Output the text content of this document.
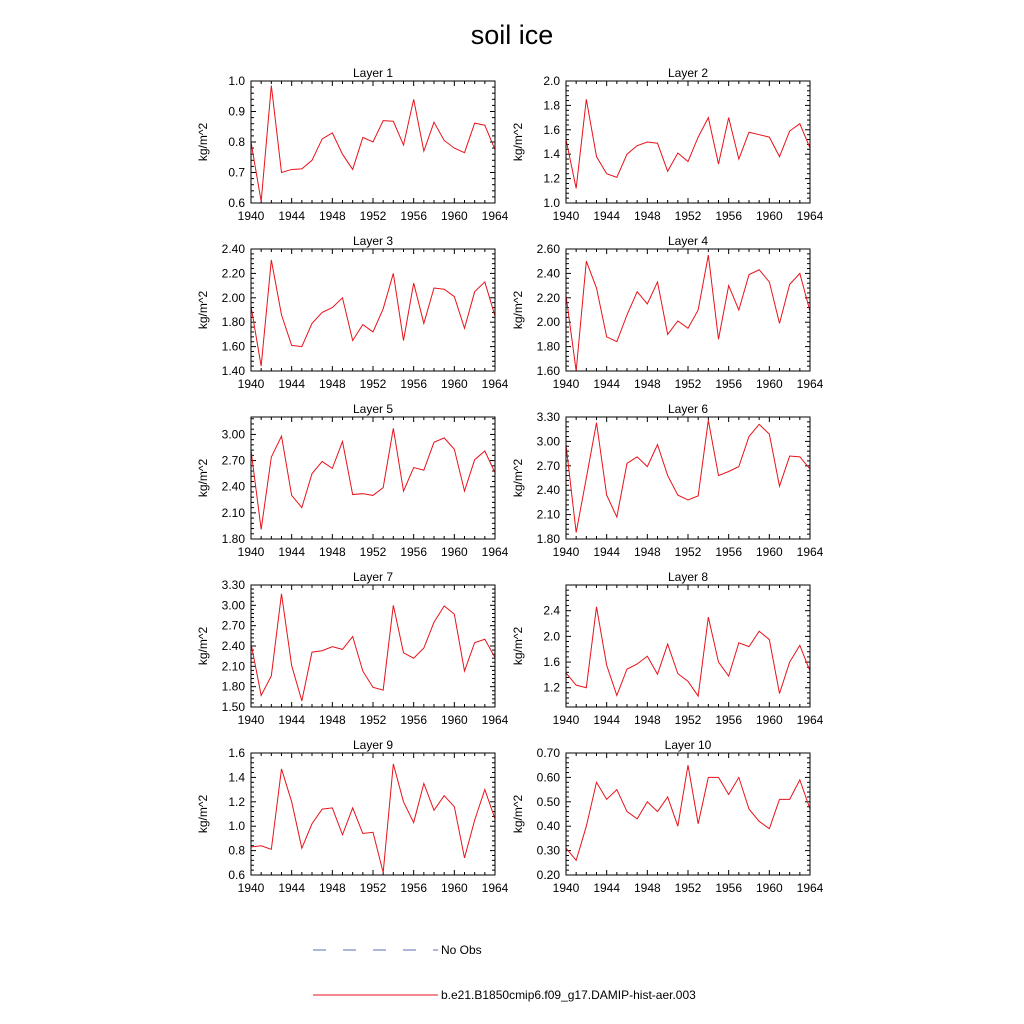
soil ice
Layer 1
1940 1944 1948 1952 1956 1960 1964
0.6
0.7
0.8
0.9
1.0
kg/m^2
Layer 2
1940 1944 1948 1952 1956 1960 1964
1.0
1.2
1.4
1.6
1.8
2.0
kg/m^2
Layer 3
1940 1944 1948 1952 1956 1960 1964
1.40
1.60
1.80
2.00
2.20
2.40
kg/m^2
Layer 4
1940 1944 1948 1952 1956 1960 1964
1.60
1.80
2.00
2.20
2.40
2.60
kg/m^2
Layer 5
1940 1944 1948 1952 1956 1960 1964
1.80
2.10
2.40
2.70
3.00
kg/m^2
Layer 6
1940 1944 1948 1952 1956 1960 1964
1.80
2.10
2.40
2.70
3.00
3.30
kg/m^2
Layer 7
1940 1944 1948 1952 1956 1960 1964
1.50
1.80
2.10
2.40
2.70
3.00
3.30
kg/m^2
Layer 8
1940 1944 1948 1952 1956 1960 1964
1.2
1.6
2.0
2.4
kg/m^2
Layer 9
1940 1944 1948 1952 1956 1960 1964
0.6
0.8
1.0
1.2
1.4
1.6
kg/m^2
Layer 10
1940 1944 1948 1952 1956 1960 1964
0.20
0.30
0.40
0.50
0.60
0.70
kg/m^2
No Obs
b.e21.B1850cmip6.f09_g17.DAMIP-hist-aer.003
